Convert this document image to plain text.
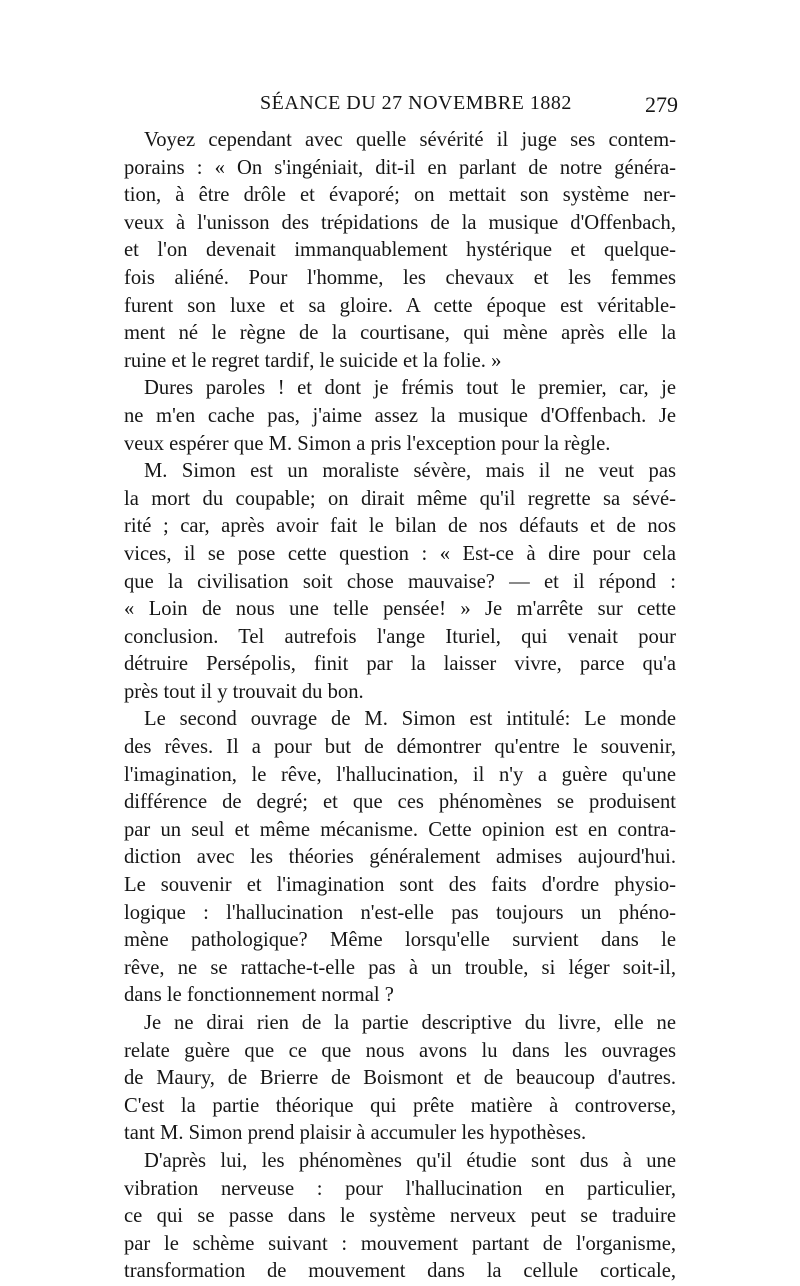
SÉANCE DU 27 NOVEMBRE 1882	279
Voyez cependant avec quelle sévérité il juge ses contem-
porains : « On s'ingéniait, dit-il en parlant de notre généra-
tion, à être drôle et évaporé; on mettait son système ner-
veux à l'unisson des trépidations de la musique d'Offenbach,
et l'on devenait immanquablement hystérique et quelque-
fois aliéné. Pour l'homme, les chevaux et les femmes
furent son luxe et sa gloire. A cette époque est véritable-
ment né le règne de la courtisane, qui mène après elle la
ruine et le regret tardif, le suicide et la folie. »
Dures paroles ! et dont je frémis tout le premier, car, je
ne m'en cache pas, j'aime assez la musique d'Offenbach. Je
veux espérer que M. Simon a pris l'exception pour la règle.
M. Simon est un moraliste sévère, mais il ne veut pas
la mort du coupable; on dirait même qu'il regrette sa sévé-
rité ; car, après avoir fait le bilan de nos défauts et de nos
vices, il se pose cette question : « Est-ce à dire pour cela
que la civilisation soit chose mauvaise? — et il répond :
« Loin de nous une telle pensée! » Je m'arrête sur cette
conclusion. Tel autrefois l'ange Ituriel, qui venait pour
détruire Persépolis, finit par la laisser vivre, parce qu'a
près tout il y trouvait du bon.
Le second ouvrage de M. Simon est intitulé: Le monde
des rêves. Il a pour but de démontrer qu'entre le souvenir,
l'imagination, le rêve, l'hallucination, il n'y a guère qu'une
différence de degré; et que ces phénomènes se produisent
par un seul et même mécanisme. Cette opinion est en contra-
diction avec les théories généralement admises aujourd'hui.
Le souvenir et l'imagination sont des faits d'ordre physio-
logique : l'hallucination n'est-elle pas toujours un phéno-
mène pathologique? Même lorsqu'elle survient dans le
rêve, ne se rattache-t-elle pas à un trouble, si léger soit-il,
dans le fonctionnement normal ?
Je ne dirai rien de la partie descriptive du livre, elle ne
relate guère que ce que nous avons lu dans les ouvrages
de Maury, de Brierre de Boismont et de beaucoup d'autres.
C'est la partie théorique qui prête matière à controverse,
tant M. Simon prend plaisir à accumuler les hypothèses.
D'après lui, les phénomènes qu'il étudie sont dus à une
vibration nerveuse : pour l'hallucination en particulier,
ce qui se passe dans le système nerveux peut se traduire
par le schème suivant : mouvement partant de l'organisme,
transformation de mouvement dans la cellule corticale,
